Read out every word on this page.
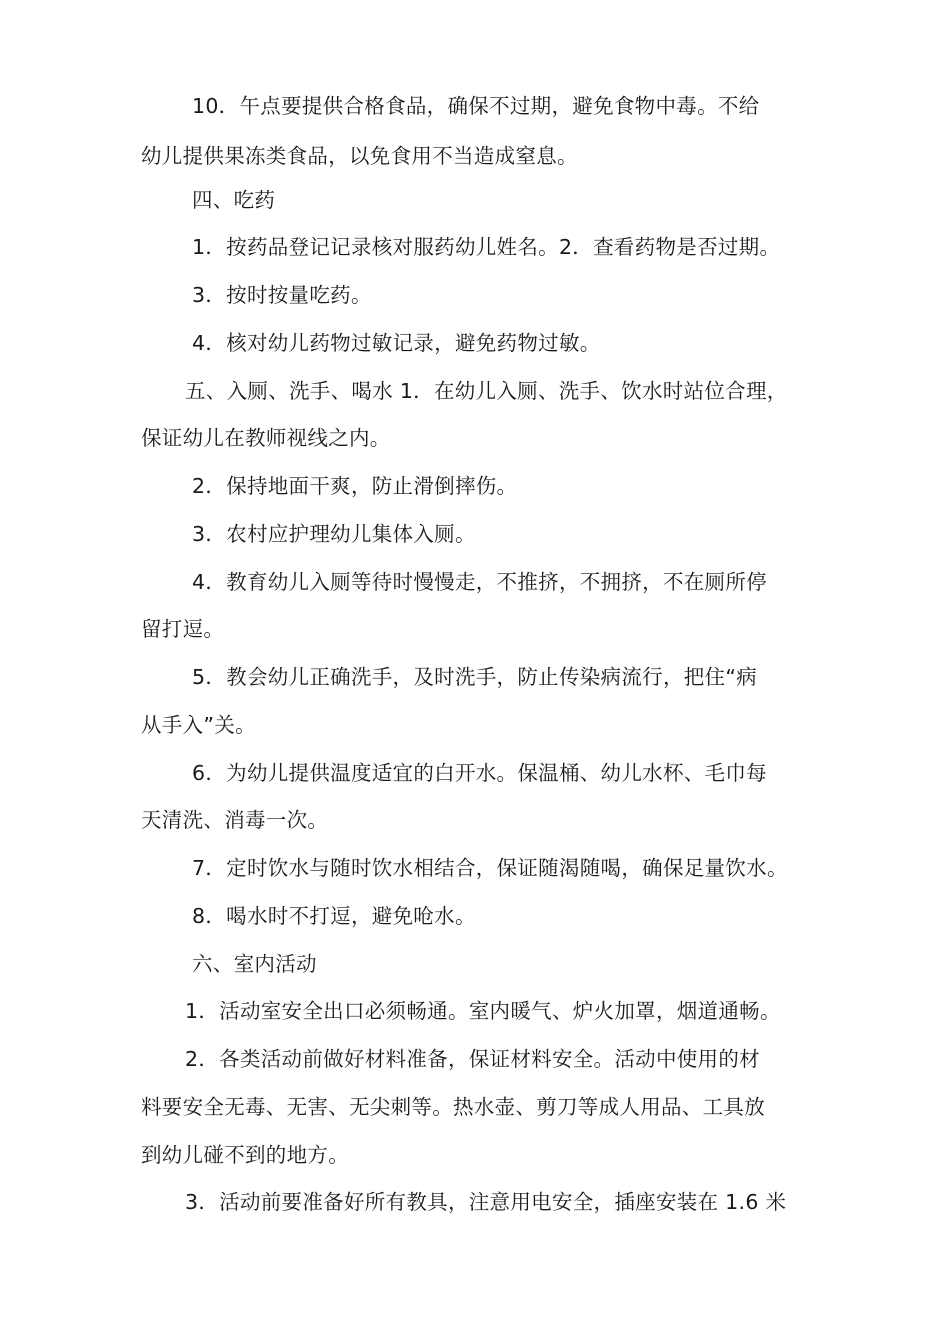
10．午点要提供合格食品，确保不过期，避免食物中毒。不给

幼儿提供果冻类食品，以免食用不当造成窒息。

四、吃药

1．按药品登记记录核对服药幼儿姓名。2．查看药物是否过期。

3．按时按量吃药。

4．核对幼儿药物过敏记录，避免药物过敏。

五、入厕、洗手、喝水 1．在幼儿入厕、洗手、饮水时站位合理，

保证幼儿在教师视线之内。

2．保持地面干爽，防止滑倒摔伤。

3．农村应护理幼儿集体入厕。

4．教育幼儿入厕等待时慢慢走，不推挤，不拥挤，不在厕所停

留打逗。

5．教会幼儿正确洗手，及时洗手，防止传染病流行，把住“病

从手入”关。

6．为幼儿提供温度适宜的白开水。保温桶、幼儿水杯、毛巾每

天清洗、消毒一次。

7．定时饮水与随时饮水相结合，保证随渴随喝，确保足量饮水。

8．喝水时不打逗，避免呛水。

六、室内活动

1．活动室安全出口必须畅通。室内暖气、炉火加罩，烟道通畅。

2．各类活动前做好材料准备，保证材料安全。活动中使用的材

料要安全无毒、无害、无尖刺等。热水壶、剪刀等成人用品、工具放

到幼儿碰不到的地方。

3．活动前要准备好所有教具，注意用电安全，插座安装在 1.6 米
